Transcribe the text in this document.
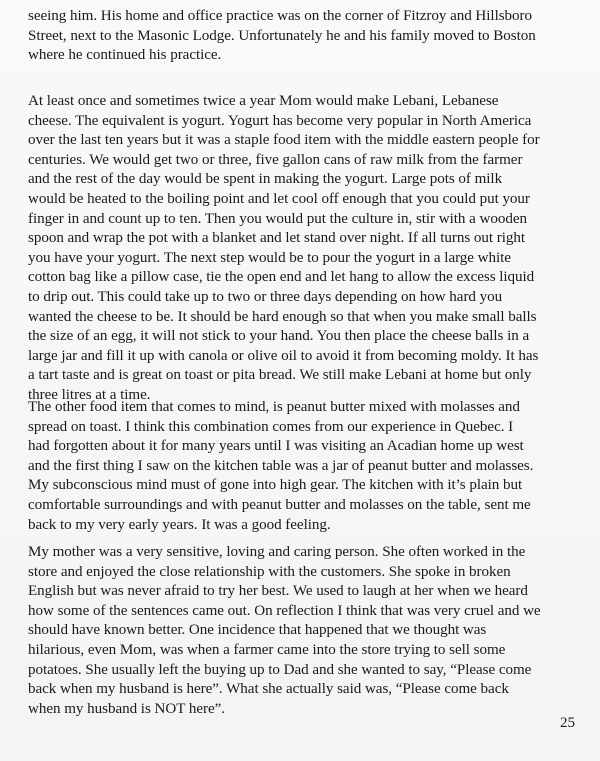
seeing him. His home and office practice was on the corner of Fitzroy and Hillsboro
Street, next to the Masonic Lodge. Unfortunately he and his family moved to Boston
where he continued his practice.
At least once and sometimes twice a year Mom would make Lebani, Lebanese
cheese. The equivalent is yogurt. Yogurt has become very popular in North America
over the last ten years but it was a staple food item with the middle eastern people for
centuries. We would get two or three, five gallon cans of raw milk from the farmer
and the rest of the day would be spent in making the yogurt. Large pots of milk
would be heated to the boiling point and let cool off enough that you could put your
finger in and count up to ten. Then you would put the culture in, stir with a wooden
spoon and wrap the pot with a blanket and let stand over night. If all turns out right
you have your yogurt. The next step would be to pour the yogurt in a large white
cotton bag like a pillow case, tie the open end and let hang to allow the excess liquid
to drip out. This could take up to two or three days depending on how hard you
wanted the cheese to be. It should be hard enough so that when you make small balls
the size of an egg, it will not stick to your hand. You then place the cheese balls in a
large jar and fill it up with canola or olive oil to avoid it from becoming moldy. It has
a tart taste and is great on toast or pita bread. We still make Lebani at home but only
three litres at a time.
The other food item that comes to mind, is peanut butter mixed with molasses and
spread on toast. I think this combination comes from our experience in Quebec. I
had forgotten about it for many years until I was visiting an Acadian home up west
and the first thing I saw on the kitchen table was a jar of peanut butter and molasses.
My subconscious mind must of gone into high gear. The kitchen with it’s plain but
comfortable surroundings and with peanut butter and molasses on the table, sent me
back to my very early years. It was a good feeling.
My mother was a very sensitive, loving and caring person. She often worked in the
store and enjoyed the close relationship with the customers. She spoke in broken
English but was never afraid to try her best. We used to laugh at her when we heard
how some of the sentences came out. On reflection I think that was very cruel and we
should have known better. One incidence that happened that we thought was
hilarious, even Mom, was when a farmer came into the store trying to sell some
potatoes. She usually left the buying up to Dad and she wanted to say, “Please come
back when my husband is here”. What she actually said was, “Please come back
when my husband is NOT here”.
25
